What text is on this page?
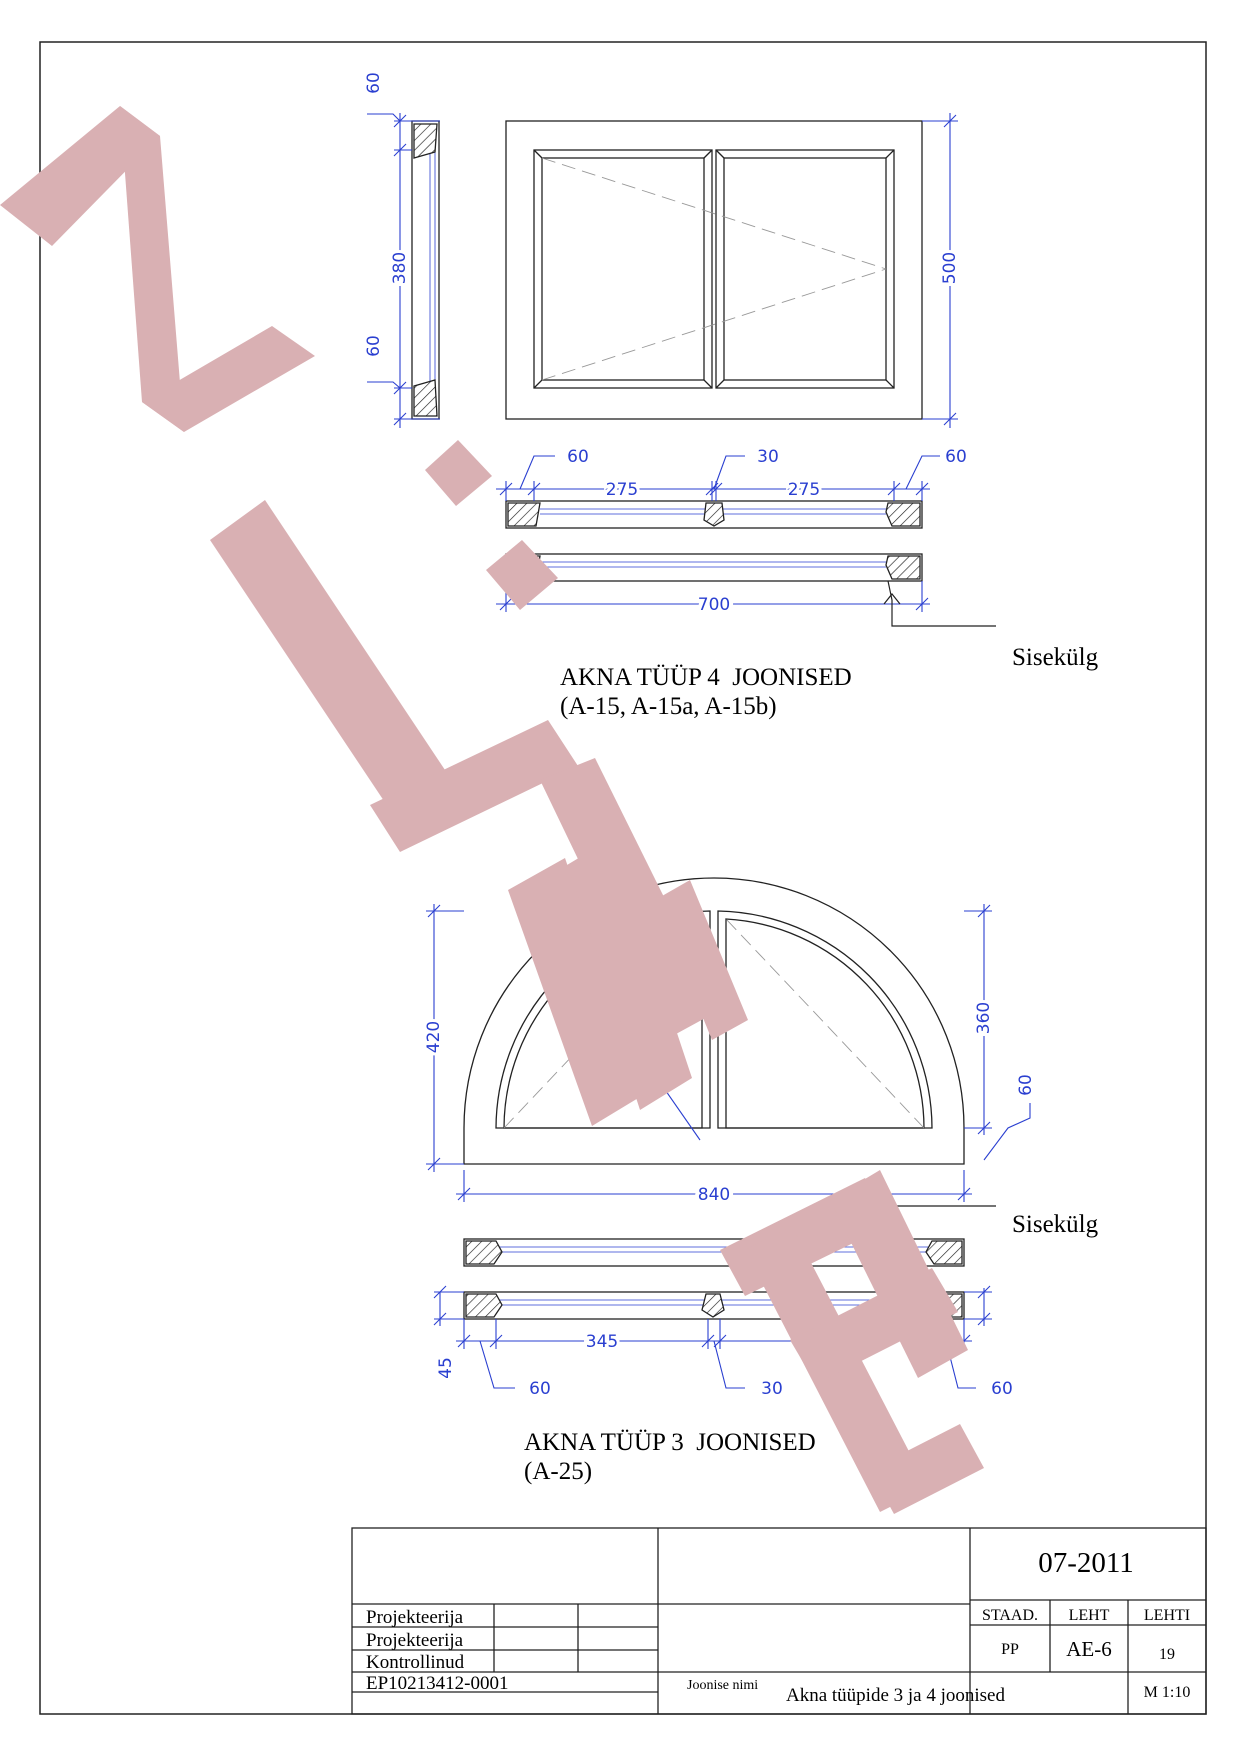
60
380
60
500
60	30	60
275	275
700
Sisekülg
AKNA TÜÜP 4  JOONISED
(A-15, A-15a, A-15b)
420
360
60
840
45
345
60	30	60
Sisekülg
AKNA TÜÜP 3  JOONISED
(A-25)
07-2011
Projekteerija
Projekteerija
Kontrollinud
EP10213412-0001	Joonise nimi Akna tüüpide 3 ja 4 joonised
STAAD. LEHT LEHTI
PP AE-6	19
M 1:10
